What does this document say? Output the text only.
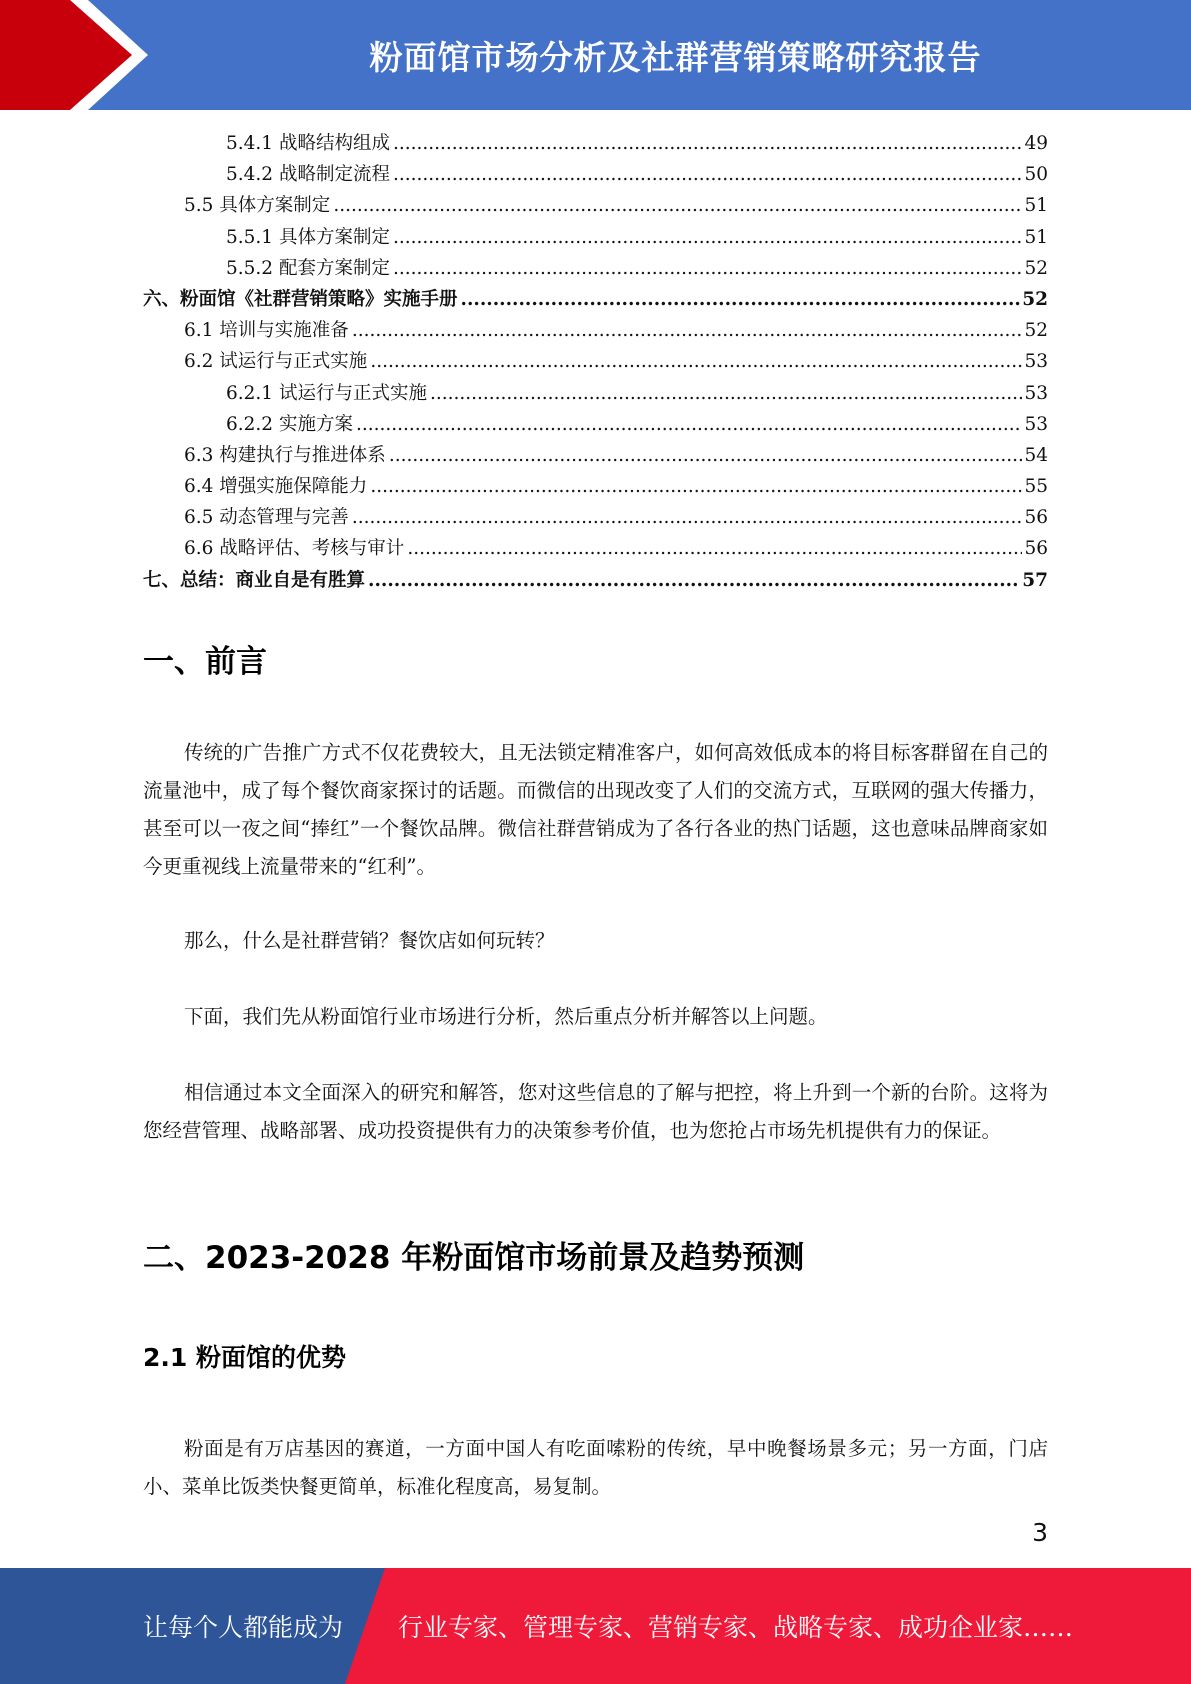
粉面馆市场分析及社群营销策略研究报告
5.4.1 战略结构组成 .....	49
5.4.2 战略制定流程 .....	50
5.5 具体方案制定 .....	51
5.5.1 具体方案制定 .....	51
5.5.2 配套方案制定 .....	52
六、粉面馆《社群营销策略》实施手册 .....	52
6.1 培训与实施准备 .....	52
6.2 试运行与正式实施 .....	53
6.2.1 试运行与正式实施 .....	53
6.2.2 实施方案 .....	53
6.3 构建执行与推进体系 .....	54
6.4 增强实施保障能力 .....	55
6.5 动态管理与完善 .....	56
6.6 战略评估、考核与审计 .....	56
七、总结：商业自是有胜算 .....	57
一、前言

传统的广告推广方式不仅花费较大，且无法锁定精准客户，如何高效低成本的将目标客群留在自己的流量池中，成了每个餐饮商家探讨的话题。而微信的出现改变了人们的交流方式，互联网的强大传播力，甚至可以一夜之间“捧红”一个餐饮品牌。微信社群营销成为了各行各业的热门话题，这也意味品牌商家如今更重视线上流量带来的“红利”。

那么，什么是社群营销？餐饮店如何玩转？

下面，我们先从粉面馆行业市场进行分析，然后重点分析并解答以上问题。

相信通过本文全面深入的研究和解答，您对这些信息的了解与把控，将上升到一个新的台阶。这将为您经营管理、战略部署、成功投资提供有力的决策参考价值，也为您抢占市场先机提供有力的保证。

二、2023-2028 年粉面馆市场前景及趋势预测
2.1 粉面馆的优势

粉面是有万店基因的赛道，一方面中国人有吃面嗦粉的传统，早中晚餐场景多元；另一方面，门店小、菜单比饭类快餐更简单，标准化程度高，易复制。

3
让每个人都能成为 行业专家、管理专家、营销专家、战略专家、成功企业家……
